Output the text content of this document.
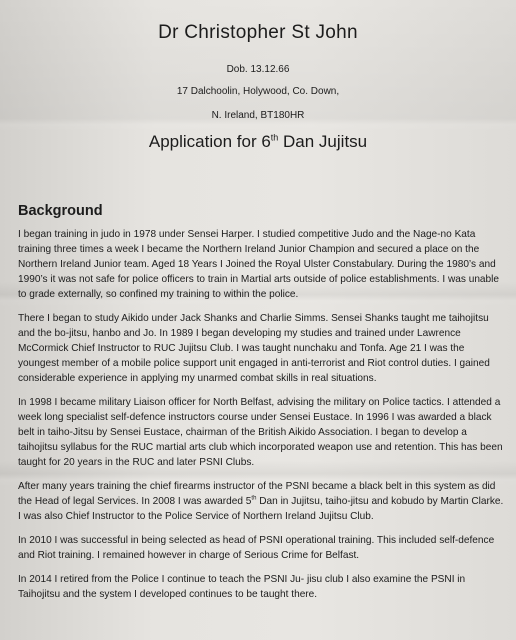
Dr Christopher St John
Dob. 13.12.66
17 Dalchoolin, Holywood, Co. Down,
N. Ireland, BT180HR
Application for 6th Dan Jujitsu
Background

I began training in judo in 1978 under Sensei Harper. I studied competitive Judo and the Nage-no Kata training three times a week I became the Northern Ireland Junior Champion and secured a place on the Northern Ireland Junior team. Aged 18 Years I Joined the Royal Ulster Constabulary. During the 1980’s and 1990’s it was not safe for police officers to train in Martial arts outside of police establishments. I was unable to grade externally, so confined my training to within the police.

There I began to study Aikido under Jack Shanks and Charlie Simms. Sensei Shanks taught me taihojitsu and the bo-jitsu, hanbo and Jo. In 1989 I began developing my studies and trained under Lawrence McCormick Chief Instructor to RUC Jujitsu Club. I was taught nunchaku and Tonfa. Age 21 I was the youngest member of a mobile police support unit engaged in anti-terrorist and Riot control duties. I gained considerable experience in applying my unarmed combat skills in real situations.

In 1998 I became military Liaison officer for North Belfast, advising the military on Police tactics. I attended a week long specialist self-defence instructors course under Sensei Eustace. In 1996 I was awarded a black belt in taiho-Jitsu by Sensei Eustace, chairman of the British Aikido Association. I began to develop a taihojitsu syllabus for the RUC martial arts club which incorporated weapon use and retention. This has been taught for 20 years in the RUC and later PSNI Clubs.

After many years training the chief firearms instructor of the PSNI became a black belt in this system as did the Head of legal Services. In 2008 I was awarded 5th Dan in Jujitsu, taiho-jitsu and kobudo by Martin Clarke. I was also Chief Instructor to the Police Service of Northern Ireland Jujitsu Club.

In 2010 I was successful in being selected as head of PSNI operational training. This included self-defence and Riot training. I remained however in charge of Serious Crime for Belfast.

In 2014 I retired from the Police I continue to teach the PSNI Ju- jisu club I also examine the PSNI in Taihojitsu and the system I developed continues to be taught there.
